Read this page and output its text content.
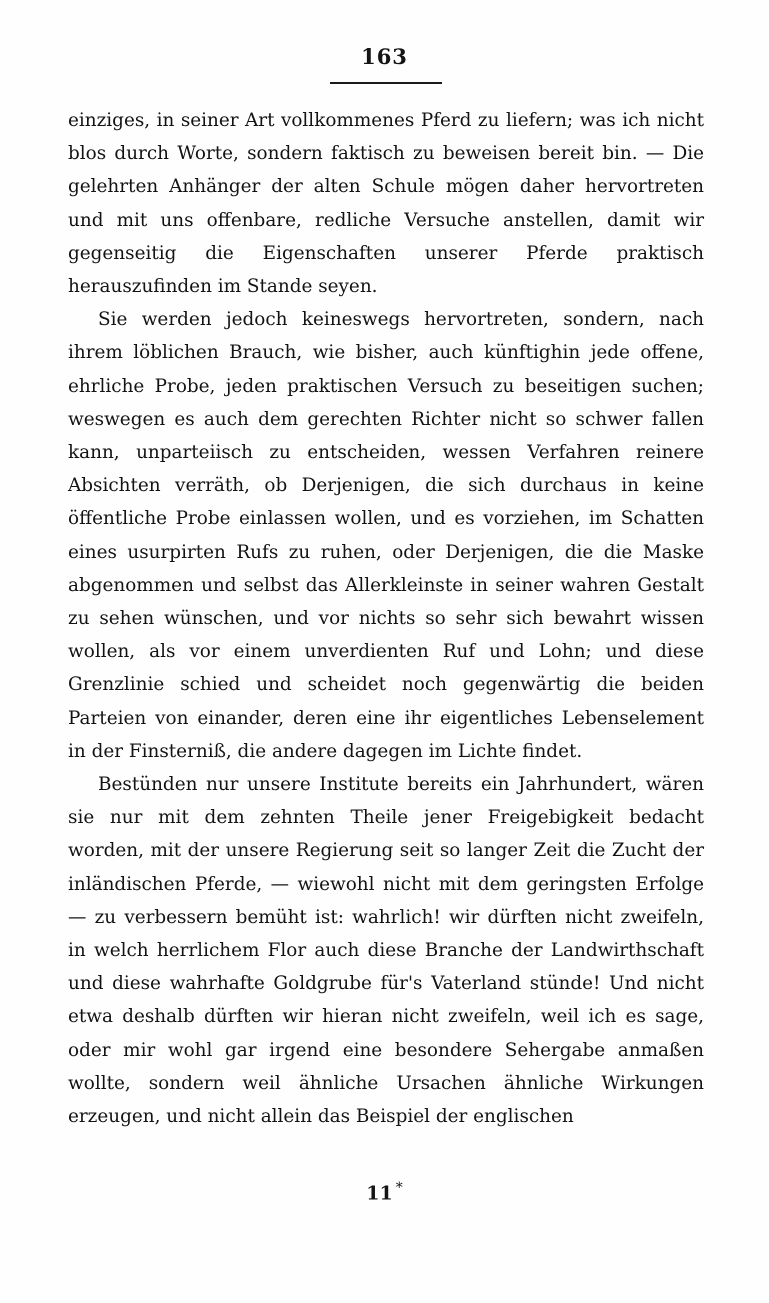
163

einziges, in seiner Art vollkommenes Pferd zu liefern; was ich nicht blos durch Worte, sondern faktisch zu beweisen bereit bin. — Die gelehrten Anhänger der alten Schule mögen daher hervortreten und mit uns offenbare, redliche Versuche anstellen, damit wir gegenseitig die Eigenschaften unserer Pferde praktisch herauszufinden im Stande seyen.

Sie werden jedoch keineswegs hervortreten, sondern, nach ihrem löblichen Brauch, wie bisher, auch künftighin jede offene, ehrliche Probe, jeden praktischen Versuch zu beseitigen suchen; weswegen es auch dem gerechten Richter nicht so schwer fallen kann, unparteiisch zu entscheiden, wessen Verfahren reinere Absichten verräth, ob Derjenigen, die sich durchaus in keine öffentliche Probe einlassen wollen, und es vorziehen, im Schatten eines usurpirten Rufs zu ruhen, oder Derjenigen, die die Maske abgenommen und selbst das Allerkleinste in seiner wahren Gestalt zu sehen wünschen, und vor nichts so sehr sich bewahrt wissen wollen, als vor einem unverdienten Ruf und Lohn; und diese Grenzlinie schied und scheidet noch gegenwärtig die beiden Parteien von einander, deren eine ihr eigentliches Lebenselement in der Finsterniß, die andere dagegen im Lichte findet.

Bestünden nur unsere Institute bereits ein Jahrhundert, wären sie nur mit dem zehnten Theile jener Freigebigkeit bedacht worden, mit der unsere Regierung seit so langer Zeit die Zucht der inländischen Pferde, — wiewohl nicht mit dem geringsten Erfolge — zu verbessern bemüht ist: wahrlich! wir dürften nicht zweifeln, in welch herrlichem Flor auch diese Branche der Landwirthschaft und diese wahrhafte Goldgrube für's Vaterland stünde! Und nicht etwa deshalb dürften wir hieran nicht zweifeln, weil ich es sage, oder mir wohl gar irgend eine besondere Sehergabe anmaßen wollte, sondern weil ähnliche Ursachen ähnliche Wirkungen erzeugen, und nicht allein das Beispiel der englischen

11 *
